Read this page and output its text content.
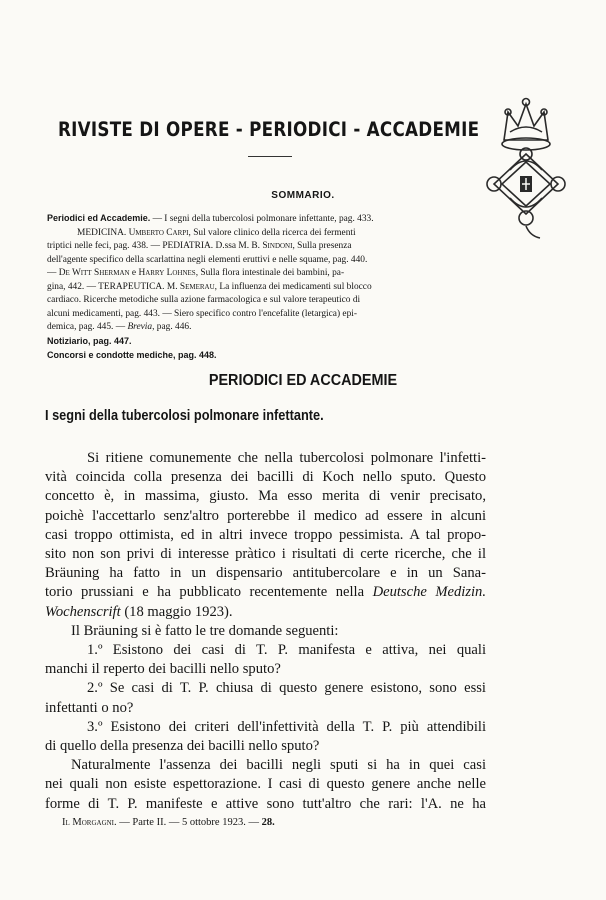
RIVISTE DI OPERE - PERIODICI - ACCADEMIE
SOMMARIO.
Periodici ed Accademie. — I segni della tubercolosi polmonare infettante, pag. 433.
MEDICINA. Umberto Carpi, Sul valore clinico della ricerca dei fermenti
triptici nelle feci, pag. 438. — PEDIATRIA. D.ssa M. B. Sindoni, Sulla presenza
dell'agente specifico della scarlattina negli elementi eruttivi e nelle squame, pag. 440.
— De Witt Sherman e Harry Lohnes, Sulla flora intestinale dei bambini, pa-
gina, 442. — TERAPEUTICA. M. Semerau, La influenza dei medicamenti sul blocco
cardiaco. Ricerche metodiche sulla azione farmacologica e sul valore terapeutico di
alcuni medicamenti, pag. 443. — Siero specifico contro l'encefalite (letargica) epi-
demica, pag. 445. — Brevia, pag. 446.
Notiziario, pag. 447.
Concorsi e condotte mediche, pag. 448.
PERIODICI ED ACCADEMIE
I segni della tubercolosi polmonare infettante.
Si ritiene comunemente che nella tubercolosi polmonare l'infetti-
vità coincida colla presenza dei bacilli di Koch nello sputo. Questo
concetto è, in massima, giusto. Ma esso merita di venir precisato,
poichè l'accettarlo senz'altro porterebbe il medico ad essere in alcuni
casi troppo ottimista, ed in altri invece troppo pessimista. A tal propo-
sito non son privi di interesse pràtico i risultati di certe ricerche, che il
Bräuning ha fatto in un dispensario antitubercolare e in un Sana-
torio prussiani e ha pubblicato recentemente nella Deutsche Medizin.
Wochenscrift (18 maggio 1923).
Il Bräuning si è fatto le tre domande seguenti:
1.º Esistono dei casi di T. P. manifesta e attiva, nei quali
manchi il reperto dei bacilli nello sputo?
2.º Se casi di T. P. chiusa di questo genere esistono, sono essi
infettanti o no?
3.º Esistono dei criteri dell'infettività della T. P. più attendibili
di quello della presenza dei bacilli nello sputo?
Naturalmente l'assenza dei bacilli negli sputi si ha in quei casi
nei quali non esiste espettorazione. I casi di questo genere anche nelle
forme di T. P. manifeste e attive sono tutt'altro che rari: l'A. ne ha
Il Morgagni. — Parte II. — 5 ottobre 1923. — 28.
